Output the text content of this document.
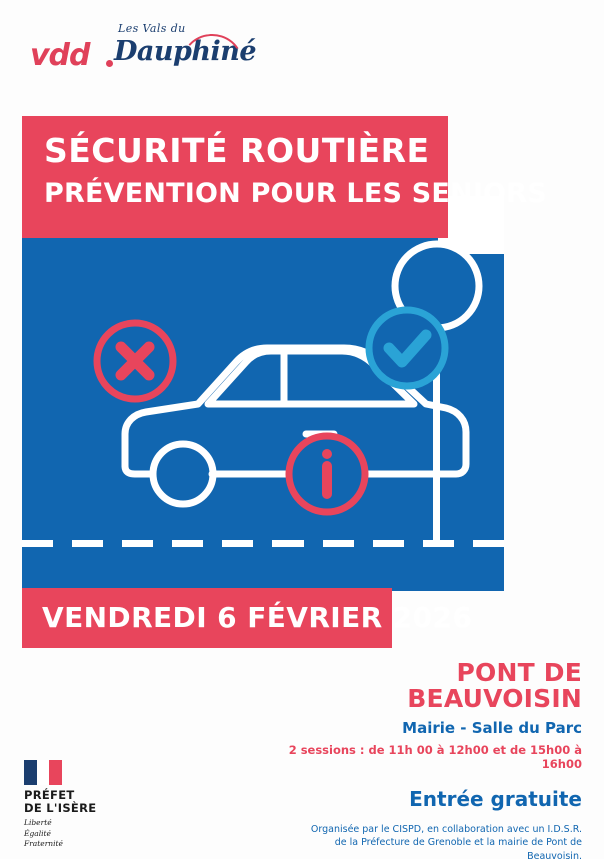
vdd
Les Vals du
Dauphiné
SÉCURITÉ ROUTIÈRE
PRÉVENTION POUR LES SENIORS
VENDREDI 6 FÉVRIER 2026
PONT DE BEAUVOISIN
Mairie - Salle du Parc
2 sessions : de 11h 00 à 12h00 et de 15h00 à 16h00
Entrée gratuite
Organisée par le CISPD, en collaboration avec un I.D.S.R.
de la Préfecture de Grenoble et la mairie de Pont de Beauvoisin.
PRÉFET
DE L'ISÈRE
Liberté
Égalité
Fraternité
